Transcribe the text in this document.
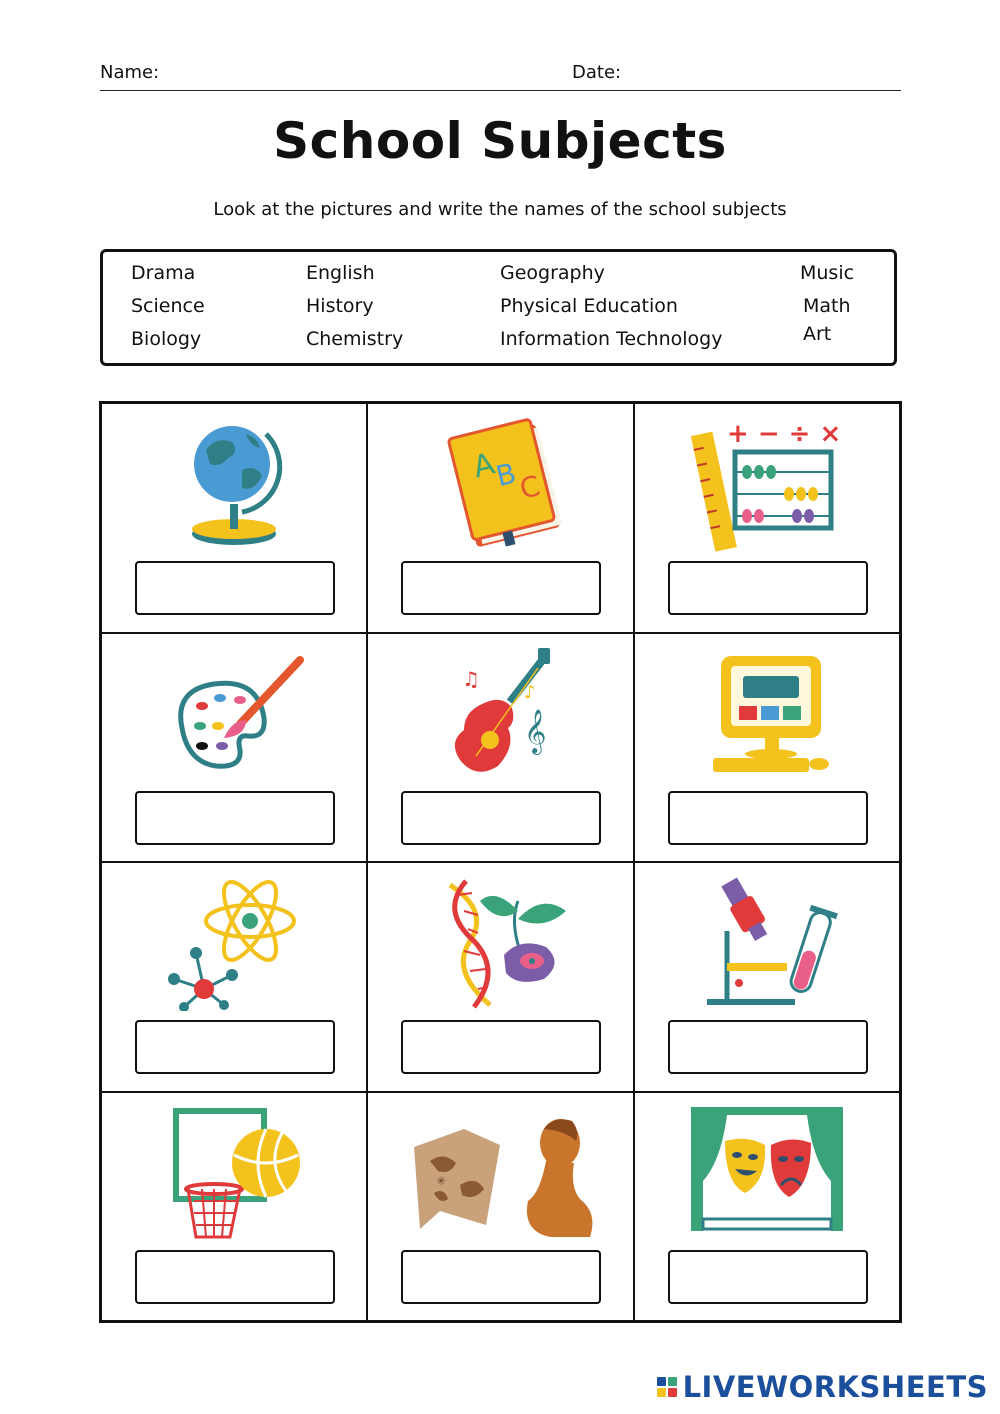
Name:	Date:
School Subjects
Look at the pictures and write the names of the school subjects
Drama	English	Geography	Music
Science	History	Physical Education	Math
Biology	Chemistry	Information Technology	Art
A
B
C
+ − ÷ ×
♫
♪
𝄞
✳
LIVEWORKSHEETS
